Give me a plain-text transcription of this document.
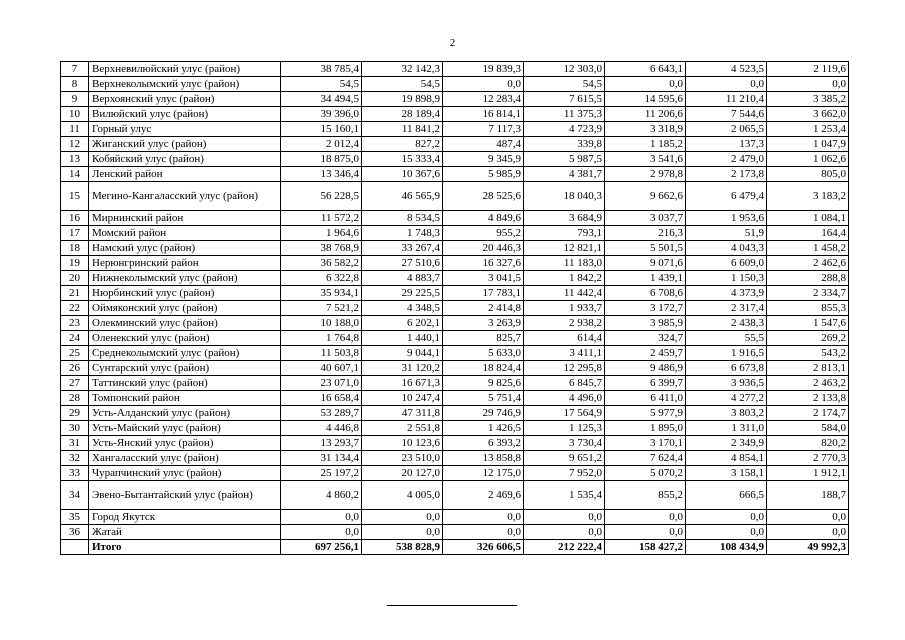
2
7	Верхневилюйский улус (район)	38 785,4	32 142,3	19 839,3	12 303,0	6 643,1	4 523,5	2 119,6
8	Верхнеколымский улус (район)	54,5	54,5	0,0	54,5	0,0	0,0	0,0
9	Верхоянский улус (район)	34 494,5	19 898,9	12 283,4	7 615,5	14 595,6	11 210,4	3 385,2
10	Вилюйский улус (район)	39 396,0	28 189,4	16 814,1	11 375,3	11 206,6	7 544,6	3 662,0
11	Горный улус	15 160,1	11 841,2	7 117,3	4 723,9	3 318,9	2 065,5	1 253,4
12	Жиганский улус (район)	2 012,4	827,2	487,4	339,8	1 185,2	137,3	1 047,9
13	Кобяйский улус (район)	18 875,0	15 333,4	9 345,9	5 987,5	3 541,6	2 479,0	1 062,6
14	Ленский район	13 346,4	10 367,6	5 985,9	4 381,7	2 978,8	2 173,8	805,0
15	Мегино-Кангаласский улус (район)	56 228,5	46 565,9	28 525,6	18 040,3	9 662,6	6 479,4	3 183,2
16	Мирнинский район	11 572,2	8 534,5	4 849,6	3 684,9	3 037,7	1 953,6	1 084,1
17	Момский район	1 964,6	1 748,3	955,2	793,1	216,3	51,9	164,4
18	Намский улус (район)	38 768,9	33 267,4	20 446,3	12 821,1	5 501,5	4 043,3	1 458,2
19	Нерюнгринский район	36 582,2	27 510,6	16 327,6	11 183,0	9 071,6	6 609,0	2 462,6
20	Нижнеколымский улус (район)	6 322,8	4 883,7	3 041,5	1 842,2	1 439,1	1 150,3	288,8
21	Нюрбинский улус (район)	35 934,1	29 225,5	17 783,1	11 442,4	6 708,6	4 373,9	2 334,7
22	Оймяконский улус (район)	7 521,2	4 348,5	2 414,8	1 933,7	3 172,7	2 317,4	855,3
23	Олекминский улус (район)	10 188,0	6 202,1	3 263,9	2 938,2	3 985,9	2 438,3	1 547,6
24	Оленекский улус (район)	1 764,8	1 440,1	825,7	614,4	324,7	55,5	269,2
25	Среднеколымский улус (район)	11 503,8	9 044,1	5 633,0	3 411,1	2 459,7	1 916,5	543,2
26	Сунтарский улус (район)	40 607,1	31 120,2	18 824,4	12 295,8	9 486,9	6 673,8	2 813,1
27	Таттинский улус (район)	23 071,0	16 671,3	9 825,6	6 845,7	6 399,7	3 936,5	2 463,2
28	Томпонский район	16 658,4	10 247,4	5 751,4	4 496,0	6 411,0	4 277,2	2 133,8
29	Усть-Алданский улус (район)	53 289,7	47 311,8	29 746,9	17 564,9	5 977,9	3 803,2	2 174,7
30	Усть-Майский улус (район)	4 446,8	2 551,8	1 426,5	1 125,3	1 895,0	1 311,0	584,0
31	Усть-Янский улус (район)	13 293,7	10 123,6	6 393,2	3 730,4	3 170,1	2 349,9	820,2
32	Хангаласский улус (район)	31 134,4	23 510,0	13 858,8	9 651,2	7 624,4	4 854,1	2 770,3
33	Чурапчинский улус (район)	25 197,2	20 127,0	12 175,0	7 952,0	5 070,2	3 158,1	1 912,1
34	Эвено-Бытантайский улус (район)	4 860,2	4 005,0	2 469,6	1 535,4	855,2	666,5	188,7
35	Город Якутск	0,0	0,0	0,0	0,0	0,0	0,0	0,0
36	Жатай	0,0	0,0	0,0	0,0	0,0	0,0	0,0
	Итого	697 256,1	538 828,9	326 606,5	212 222,4	158 427,2	108 434,9	49 992,3
